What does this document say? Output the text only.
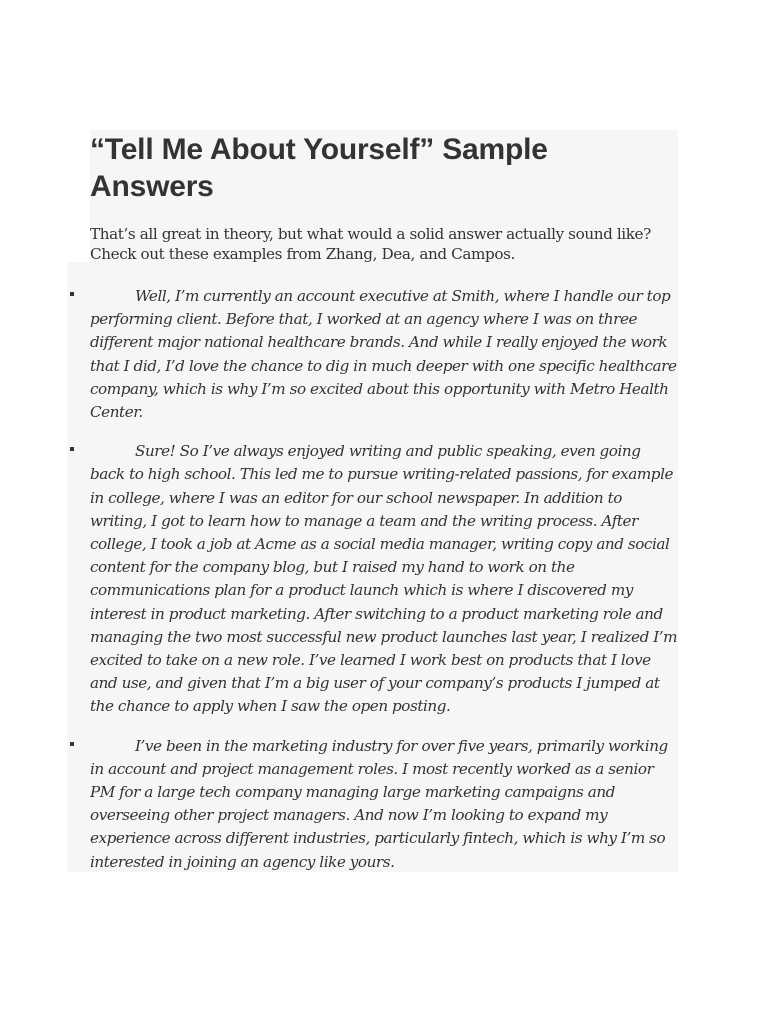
“Tell Me About Yourself” Sample Answers

That’s all great in theory, but what would a solid answer actually sound like? Check out these examples from Zhang, Dea, and Campos.

Well, I’m currently an account executive at Smith, where I handle our top performing client. Before that, I worked at an agency where I was on three different major national healthcare brands. And while I really enjoyed the work that I did, I’d love the chance to dig in much deeper with one specific healthcare company, which is why I’m so excited about this opportunity with Metro Health Center.
Sure! So I’ve always enjoyed writing and public speaking, even going back to high school. This led me to pursue writing-related passions, for example in college, where I was an editor for our school newspaper. In addition to writing, I got to learn how to manage a team and the writing process. After college, I took a job at Acme as a social media manager, writing copy and social content for the company blog, but I raised my hand to work on the communications plan for a product launch which is where I discovered my interest in product marketing. After switching to a product marketing role and managing the two most successful new product launches last year, I realized I’m excited to take on a new role. I’ve learned I work best on products that I love and use, and given that I’m a big user of your company’s products I jumped at the chance to apply when I saw the open posting.
I’ve been in the marketing industry for over five years, primarily working in account and project management roles. I most recently worked as a senior PM for a large tech company managing large marketing campaigns and overseeing other project managers. And now I’m looking to expand my experience across different industries, particularly fintech, which is why I’m so interested in joining an agency like yours.
